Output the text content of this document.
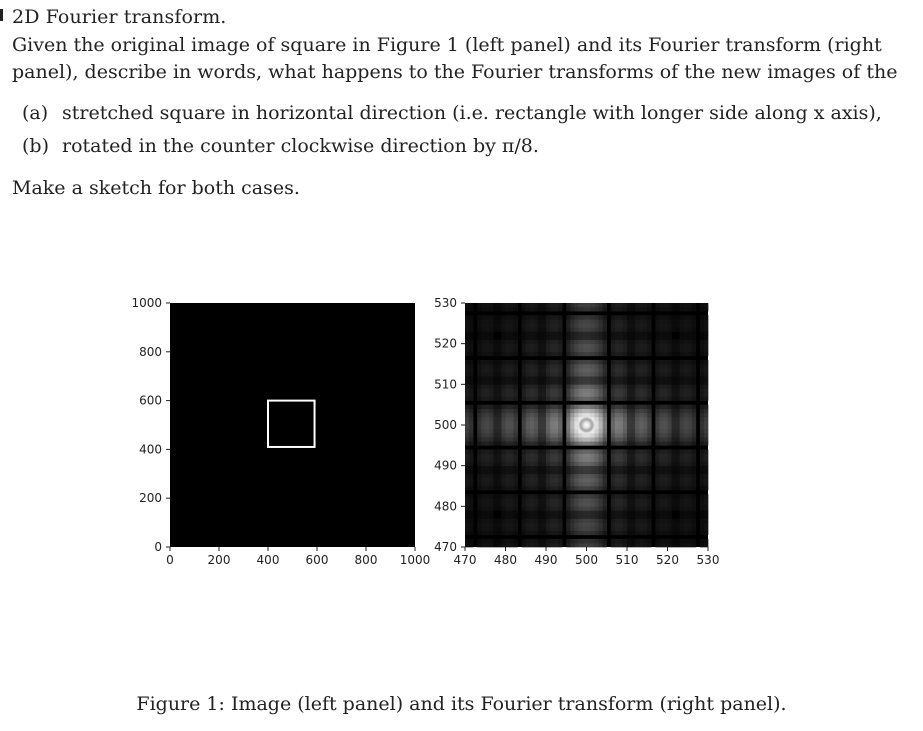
2D Fourier transform.

Given the original image of square in Figure 1 (left panel) and its Fourier transform (right panel), describe in words, what happens to the Fourier transforms of the new images of the

(a) stretched square in horizontal direction (i.e. rectangle with longer side along x axis),
(b) rotated in the counter clockwise direction by π/8.
Make a sketch for both cases.
0	200 400 600 800 1000
0
200
400
600
800
1000
470 480 490 500 510 520 530
470
480
490
500
510
520
530
Figure 1: Image (left panel) and its Fourier transform (right panel).
